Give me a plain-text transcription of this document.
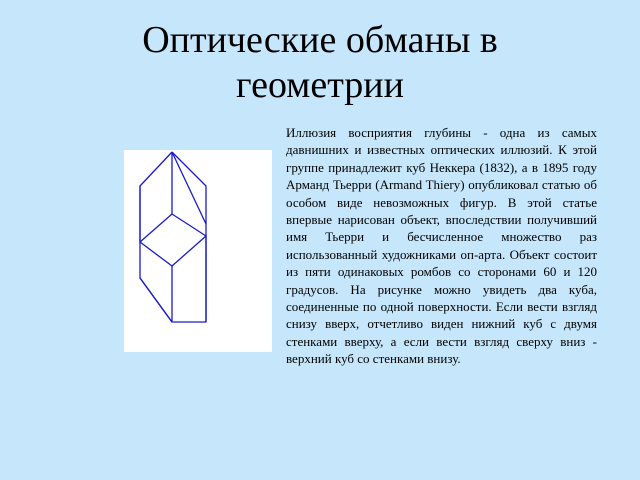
Оптические обманы в
геометрии

Иллюзия восприятия глубины - одна из самых давнишних и известных оптических иллюзий. К этой группе принадлежит куб Неккера (1832), а в 1895 году Арманд Тьерри (Armand Thiery) опубликовал статью об особом виде невозможных фигур. В этой статье впервые нарисован объект, впоследствии получивший имя Тьерри и бесчисленное множество раз использованный художниками оп-арта. Объект состоит из пяти одинаковых ромбов со сторонами 60 и 120 градусов. На рисунке можно увидеть два куба, соединенные по одной поверхности. Если вести взгляд снизу вверх, отчетливо виден нижний куб с двумя стенками вверху, а если вести взгляд сверху вниз - верхний куб со стенками внизу.
